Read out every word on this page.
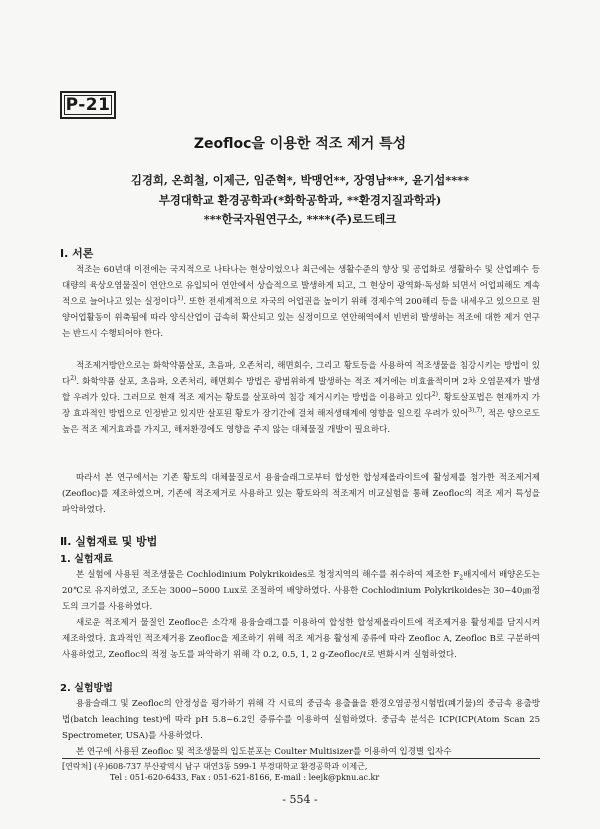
P-21
Zeofloc을 이용한 적조 제거 특성
김경희, 온희철, 이제근, 임준혁*, 박맹언**, 장영남***, 윤기섭****
부경대학교 환경공학과(*화학공학과, **환경지질과학과)
***한국자원연구소, ****(주)로드테크
Ⅰ. 서론

적조는 60년대 이전에는 국지적으로 나타나는 현상이었으나 최근에는 생활수준의 향상 및 공업화로 생활하수 및 산업폐수 등 대량의 육상오염물질이 연안으로 유입되어 연안에서 상습적으로 발생하게 되고, 그 현상이 광역화·독성화 되면서 어업피해도 계속적으로 늘어나고 있는 실정이다$^{1)}$. 또한 전세계적으로 자국의 어업권을 높이기 위해 경제수역 200해리 등을 내세우고 있으므로 원양어업활동이 위축됨에 따라 양식산업이 급속히 확산되고 있는 실정이므로 연안해역에서 빈번히 발생하는 적조에 대한 제거 연구는 반드시 수행되어야 한다.

적조제거방안으로는 화학약품살포, 초음파, 오존처리, 해면회수, 그리고 황토등을 사용하여 적조생물을 침강시키는 방법이 있다$^{2)}$. 화학약품 살포, 초음파, 오존처리, 해면회수 방법은 광범위하게 발생하는 적조 제거에는 비효율적이며 2차 오염문제가 발생할 우려가 있다. 그러므로 현재 적조 제거는 황토를 살포하여 침강 제거시키는 방법을 이용하고 있다$^{2)}$. 황토살포법은 현재까지 가장 효과적인 방법으로 인정받고 있지만 살포된 황토가 장기간에 걸쳐 해저생태계에 영향을 일으킬 우려가 있어$^{3),7)}$, 적은 양으로도 높은 적조 제거효과를 가지고, 해저환경에도 영향을 주지 않는 대체물질 개발이 필요하다.

따라서 본 연구에서는 기존 황토의 대체물질로서 용융슬래그로부터 합성한 합성제올라이트에 활성제를 첨가한 적조제거제(Zeofloc)를 제조하였으며, 기존에 적조제거로 사용하고 있는 황토와의 적조제거 비교실험을 통해 Zeofloc의 적조 제거 특성을 파악하였다.

Ⅱ. 실험재료 및 방법
1. 실험재료

본 실험에 사용된 적조생물은 Cochlodinium Polykrikoides로 청정지역의 해수를 취수하여 제조한 $F_2$배지에서 배양온도는 20℃로 유지하였고, 조도는 3000~5000 Lux로 조절하여 배양하였다. 사용한 Cochlodinium Polykrikoides는 30~40㎛정도의 크기를 사용하였다.

새로운 적조제거 물질인 Zeofloc은 소각재 용융슬래그를 이용하여 합성한 합성제올라이트에 적조제거용 활성제를 담지시켜 제조하였다. 효과적인 적조제거용 Zeofloc을 제조하기 위해 적조 제거용 활성제 종류에 따라 Zeofloc A, Zeofloc B로 구분하여 사용하였고, Zeofloc의 적정 농도를 파악하기 위해 각 0.2, 0.5, 1, 2 g-Zeofloc/ℓ로 변화시켜 실험하였다.

2. 실험방법

용융슬래그 및 Zeofloc의 안정성을 평가하기 위해 각 시료의 중금속 용출율을 환경오염공정시험법(폐기물)의 중금속 용출방법(batch leaching test)에 따라 pH 5.8~6.2인 증류수를 이용하여 실험하였다. 중금속 분석은 ICP(ICP(Atom Scan 25 Spectrometer, USA)를 사용하였다.

본 연구에 사용된 Zeofloc 및 적조생물의 입도분포는 Coulter Multisizer를 이용하여 입경별 입자수

[연락처] (우)608-737 부산광역시 남구 대연3동 599-1 부경대학교 환경공학과 이제근,
Tel : 051-620-6433, Fax : 051-621-8166, E-mail : leejk@pknu.ac.kr
- 554 -
